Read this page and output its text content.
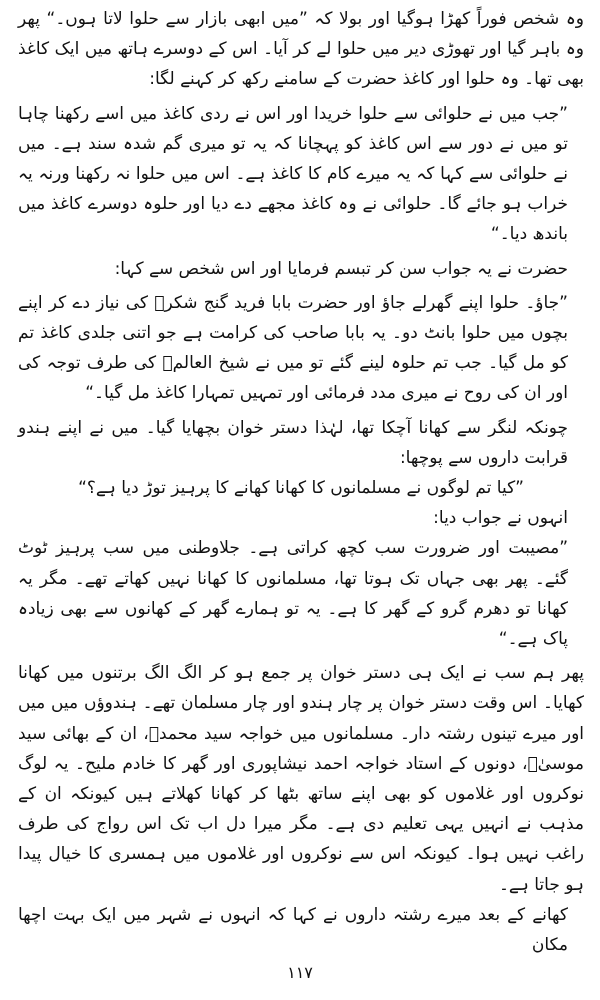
وہ شخص فوراً کھڑا ہوگیا اور بولا کہ ”میں ابھی بازار سے حلوا لاتا ہوں۔“ پھر وہ باہر گیا اور تھوڑی دیر میں حلوا لے کر آیا۔ اس کے دوسرے ہاتھ میں ایک کاغذ بھی تھا۔ وہ حلوا اور کاغذ حضرت کے سامنے رکھ کر کہنے لگا:

”جب میں نے حلوائی سے حلوا خریدا اور اس نے ردی کاغذ میں اسے رکھنا چاہا تو میں نے دور سے اس کاغذ کو پہچانا کہ یہ تو میری گم شدہ سند ہے۔ میں نے حلوائی سے کہا کہ یہ میرے کام کا کاغذ ہے۔ اس میں حلوا نہ رکھنا ورنہ یہ خراب ہو جائے گا۔ حلوائی نے وہ کاغذ مجھے دے دیا اور حلوہ دوسرے کاغذ میں باندھ دیا۔“

حضرت نے یہ جواب سن کر تبسم فرمایا اور اس شخص سے کہا:

”جاؤ۔ حلوا اپنے گھرلے جاؤ اور حضرت بابا فرید گنج شکرؒ کی نیاز دے کر اپنے بچوں میں حلوا بانٹ دو۔ یہ بابا صاحب کی کرامت ہے جو اتنی جلدی کاغذ تم کو مل گیا۔ جب تم حلوہ لینے گئے تو میں نے شیخ العالمؒ کی طرف توجہ کی اور ان کی روح نے میری مدد فرمائی اور تمہیں تمہارا کاغذ مل گیا۔“

چونکہ لنگر سے کھانا آچکا تھا، لہٰذا دستر خوان بچھایا گیا۔ میں نے اپنے ہندو قرابت داروں سے پوچھا:

”کیا تم لوگوں نے مسلمانوں کا کھانا کھانے کا پرہیز توڑ دیا ہے؟“

انہوں نے جواب دیا:

”مصیبت اور ضرورت سب کچھ کراتی ہے۔ جلاوطنی میں سب پرہیز ٹوٹ گئے۔ پھر بھی جہاں تک ہوتا تھا، مسلمانوں کا کھانا نہیں کھاتے تھے۔ مگر یہ کھانا تو دھرم گرو کے گھر کا ہے۔ یہ تو ہمارے گھر کے کھانوں سے بھی زیادہ پاک ہے۔“

پھر ہم سب نے ایک ہی دستر خوان پر جمع ہو کر الگ الگ برتنوں میں کھانا کھایا۔ اس وقت دستر خوان پر چار ہندو اور چار مسلمان تھے۔ ہندوؤں میں میں اور میرے تینوں رشتہ دار۔ مسلمانوں میں خواجہ سید محمدؒ، ان کے بھائی سید موسیٰؒ، دونوں کے استاد خواجہ احمد نیشاپوری اور گھر کا خادم ملیح۔ یہ لوگ نوکروں اور غلاموں کو بھی اپنے ساتھ بٹھا کر کھانا کھلاتے ہیں کیونکہ ان کے مذہب نے انہیں یہی تعلیم دی ہے۔ مگر میرا دل اب تک اس رواج کی طرف راغب نہیں ہوا۔ کیونکہ اس سے نوکروں اور غلاموں میں ہمسری کا خیال پیدا ہو جاتا ہے۔

کھانے کے بعد میرے رشتہ داروں نے کہا کہ انہوں نے شہر میں ایک بہت اچھا مکان

۱۱۷
